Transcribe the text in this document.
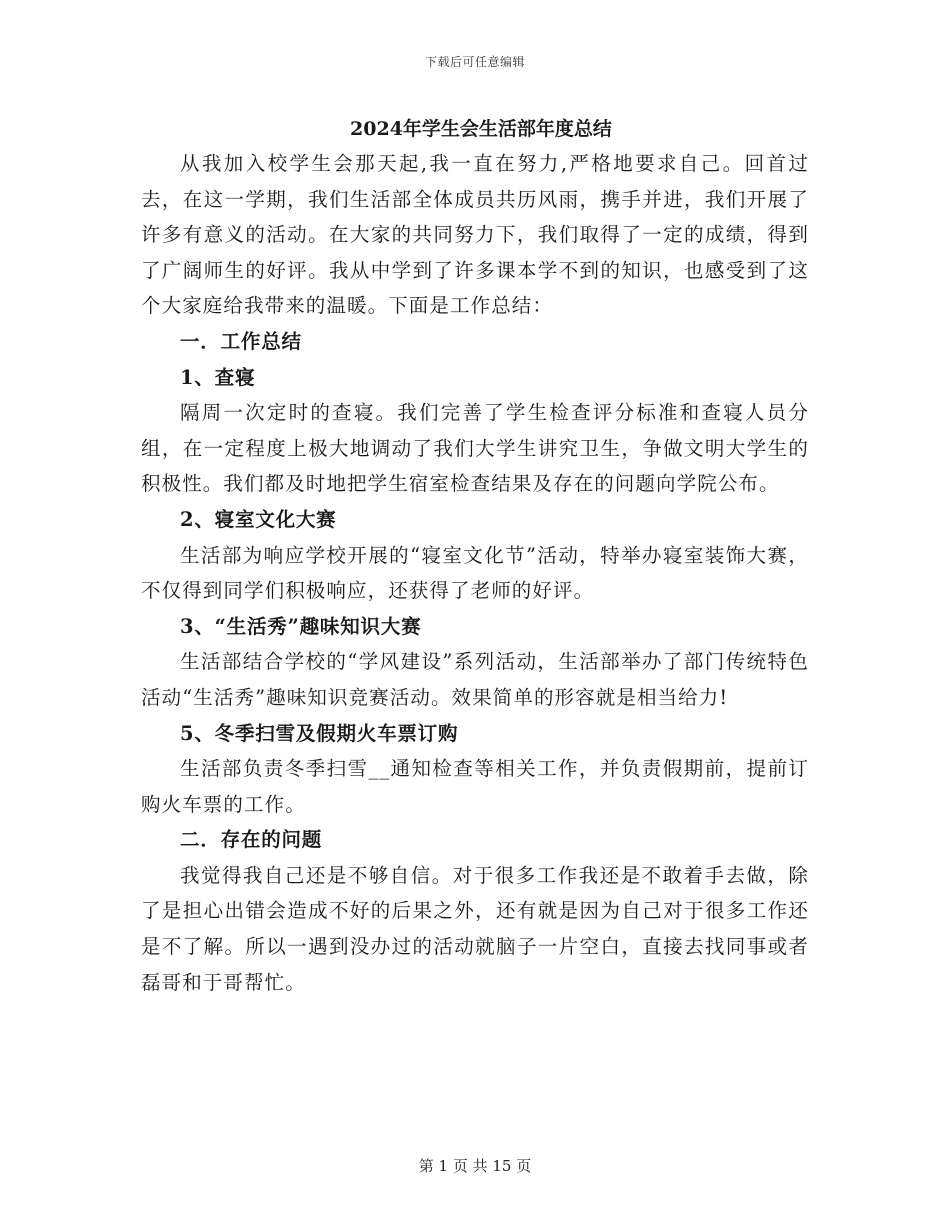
下载后可任意编辑
2024年学生会生活部年度总结

从我加入校学生会那天起,我一直在努力,严格地要求自己。回首过去，在这一学期，我们生活部全体成员共历风雨，携手并进，我们开展了许多有意义的活动。在大家的共同努力下，我们取得了一定的成绩，得到了广阔师生的好评。我从中学到了许多课本学不到的知识，也感受到了这个大家庭给我带来的温暖。下面是工作总结：

一．工作总结

1、查寝

隔周一次定时的查寝。我们完善了学生检查评分标准和查寝人员分组，在一定程度上极大地调动了我们大学生讲究卫生，争做文明大学生的积极性。我们都及时地把学生宿室检查结果及存在的问题向学院公布。

2、寝室文化大赛

生活部为响应学校开展的“寝室文化节”活动，特举办寝室装饰大赛，不仅得到同学们积极响应，还获得了老师的好评。

3、“生活秀”趣味知识大赛

生活部结合学校的“学风建设”系列活动，生活部举办了部门传统特色活动“生活秀”趣味知识竞赛活动。效果简单的形容就是相当给力!

5、冬季扫雪及假期火车票订购

生活部负责冬季扫雪__通知检查等相关工作，并负责假期前，提前订购火车票的工作。

二．存在的问题

我觉得我自己还是不够自信。对于很多工作我还是不敢着手去做，除了是担心出错会造成不好的后果之外，还有就是因为自己对于很多工作还是不了解。所以一遇到没办过的活动就脑子一片空白，直接去找同事或者磊哥和于哥帮忙。

第 1 页 共 15 页
